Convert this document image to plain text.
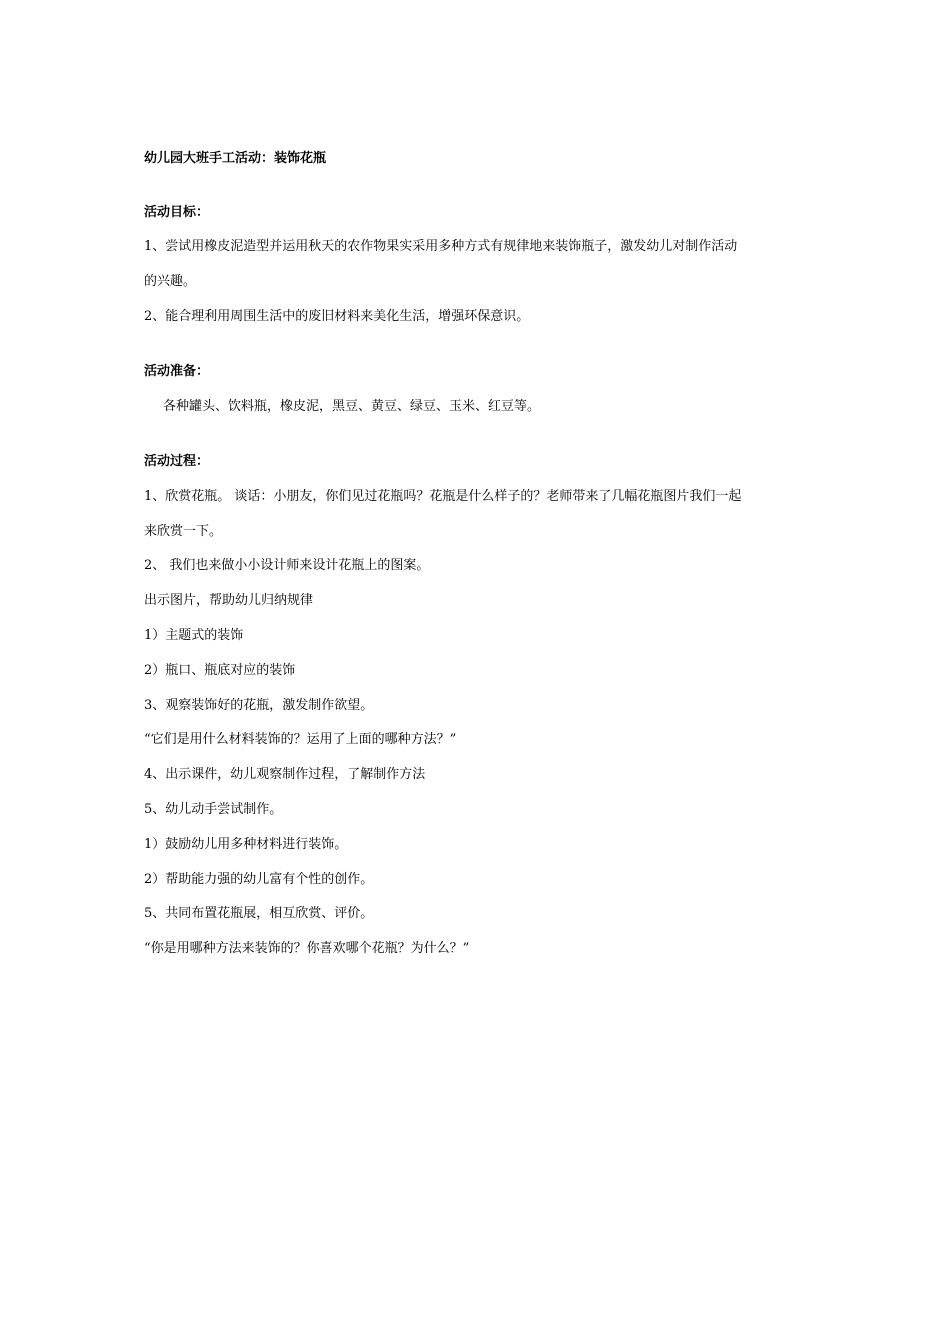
幼儿园大班手工活动：装饰花瓶
活动目标：
1、尝试用橡皮泥造型并运用秋天的农作物果实采用多种方式有规律地来装饰瓶子，激发幼儿对制作活动
的兴趣。
2、能合理利用周围生活中的废旧材料来美化生活，增强环保意识。
活动准备：
各种罐头、饮料瓶，橡皮泥，黑豆、黄豆、绿豆、玉米、红豆等。
活动过程：
1、欣赏花瓶。 谈话：小朋友，你们见过花瓶吗？花瓶是什么样子的？老师带来了几幅花瓶图片我们一起
来欣赏一下。
2、 我们也来做小小设计师来设计花瓶上的图案。
出示图片，帮助幼儿归纳规律
1）主题式的装饰
2）瓶口、瓶底对应的装饰
3、观察装饰好的花瓶，激发制作欲望。
“它们是用什么材料装饰的？运用了上面的哪种方法？”
4、出示课件，幼儿观察制作过程，了解制作方法
5、幼儿动手尝试制作。
1）鼓励幼儿用多种材料进行装饰。
2）帮助能力强的幼儿富有个性的创作。
5、共同布置花瓶展，相互欣赏、评价。
“你是用哪种方法来装饰的？你喜欢哪个花瓶？为什么？”
